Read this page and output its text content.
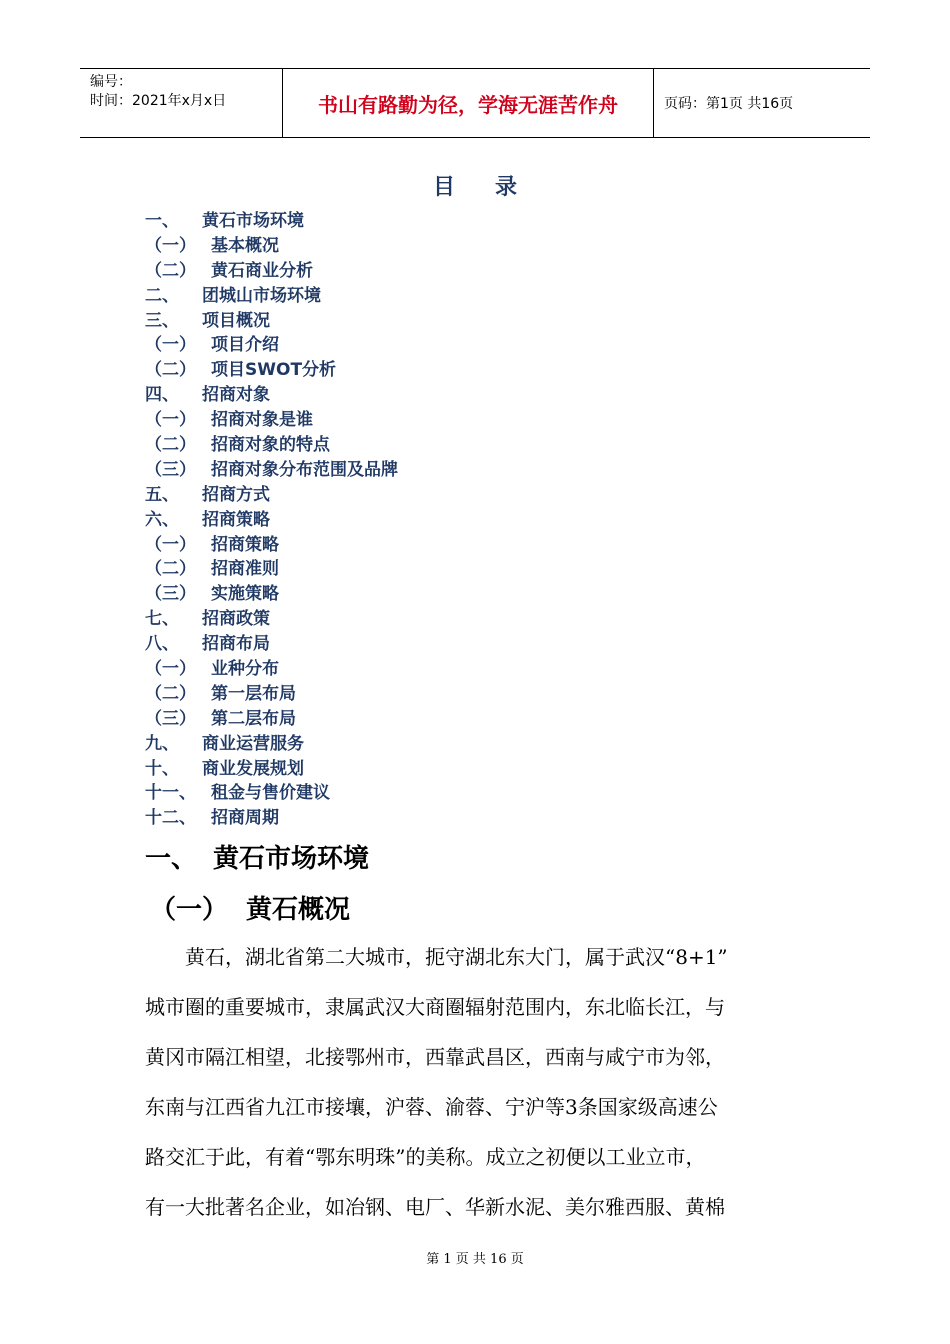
编号：
时间：2021年x月x日	书山有路勤为径，学海无涯苦作舟	页码：第1页 共16页
目录
一、 黄石市场环境
（一） 基本概况
（二） 黄石商业分析
二、 团城山市场环境
三、 项目概况
（一） 项目介绍
（二） 项目SWOT分析
四、 招商对象
（一） 招商对象是谁
（二） 招商对象的特点
（三） 招商对象分布范围及品牌
五、 招商方式
六、 招商策略
（一） 招商策略
（二） 招商准则
（三） 实施策略
七、 招商政策
八、 招商布局
（一） 业种分布
（二） 第一层布局
（三） 第二层布局
九、 商业运营服务
十、 商业发展规划
十一、 租金与售价建议
十二、 招商周期
一、 黄石市场环境
（一） 黄石概况
　　黄石，湖北省第二大城市，扼守湖北东大门，属于武汉“8+1”
城市圈的重要城市，隶属武汉大商圈辐射范围内，东北临长江，与
黄冈市隔江相望，北接鄂州市，西靠武昌区，西南与咸宁市为邻，
东南与江西省九江市接壤，沪蓉、渝蓉、宁沪等3条国家级高速公
路交汇于此，有着“鄂东明珠”的美称。成立之初便以工业立市，
有一大批著名企业，如冶钢、电厂、华新水泥、美尔雅西服、黄棉
第 1 页 共 16 页
